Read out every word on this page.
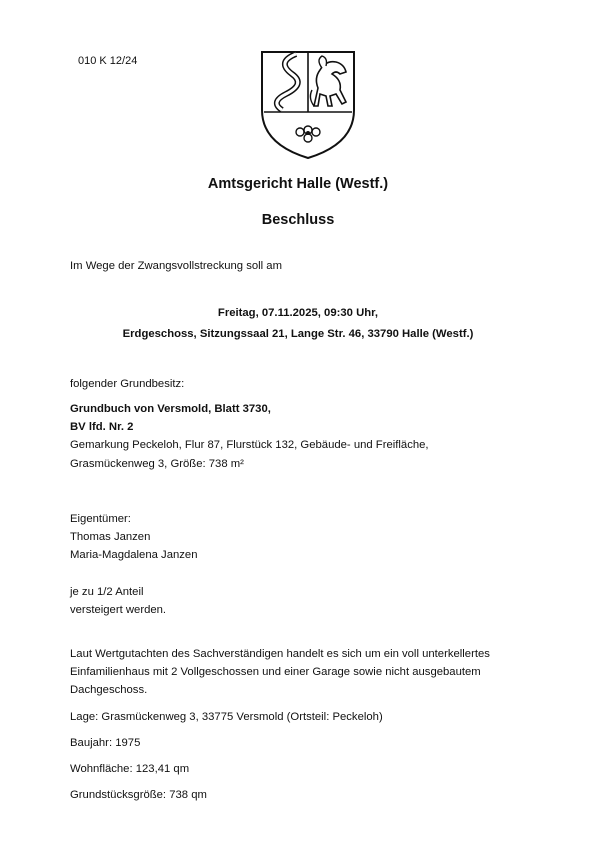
010 K 12/24
Amtsgericht Halle (Westf.)
Beschluss
Im Wege der Zwangsvollstreckung soll am
Freitag, 07.11.2025, 09:30 Uhr,
Erdgeschoss, Sitzungssaal 21, Lange Str. 46, 33790 Halle (Westf.)
folgender Grundbesitz:
Grundbuch von Versmold, Blatt 3730,
BV lfd. Nr. 2
Gemarkung Peckeloh, Flur 87, Flurstück 132, Gebäude- und Freifläche,
Grasmückenweg 3, Größe: 738 m²
Eigentümer:
Thomas Janzen
Maria-Magdalena Janzen
je zu 1/2 Anteil
versteigert werden.
Laut Wertgutachten des Sachverständigen handelt es sich um ein voll unterkellertes
Einfamilienhaus mit 2 Vollgeschossen und einer Garage sowie nicht ausgebautem
Dachgeschoss.
Lage: Grasmückenweg 3, 33775 Versmold (Ortsteil: Peckeloh)
Baujahr: 1975
Wohnfläche: 123,41 qm
Grundstücksgröße: 738 qm
